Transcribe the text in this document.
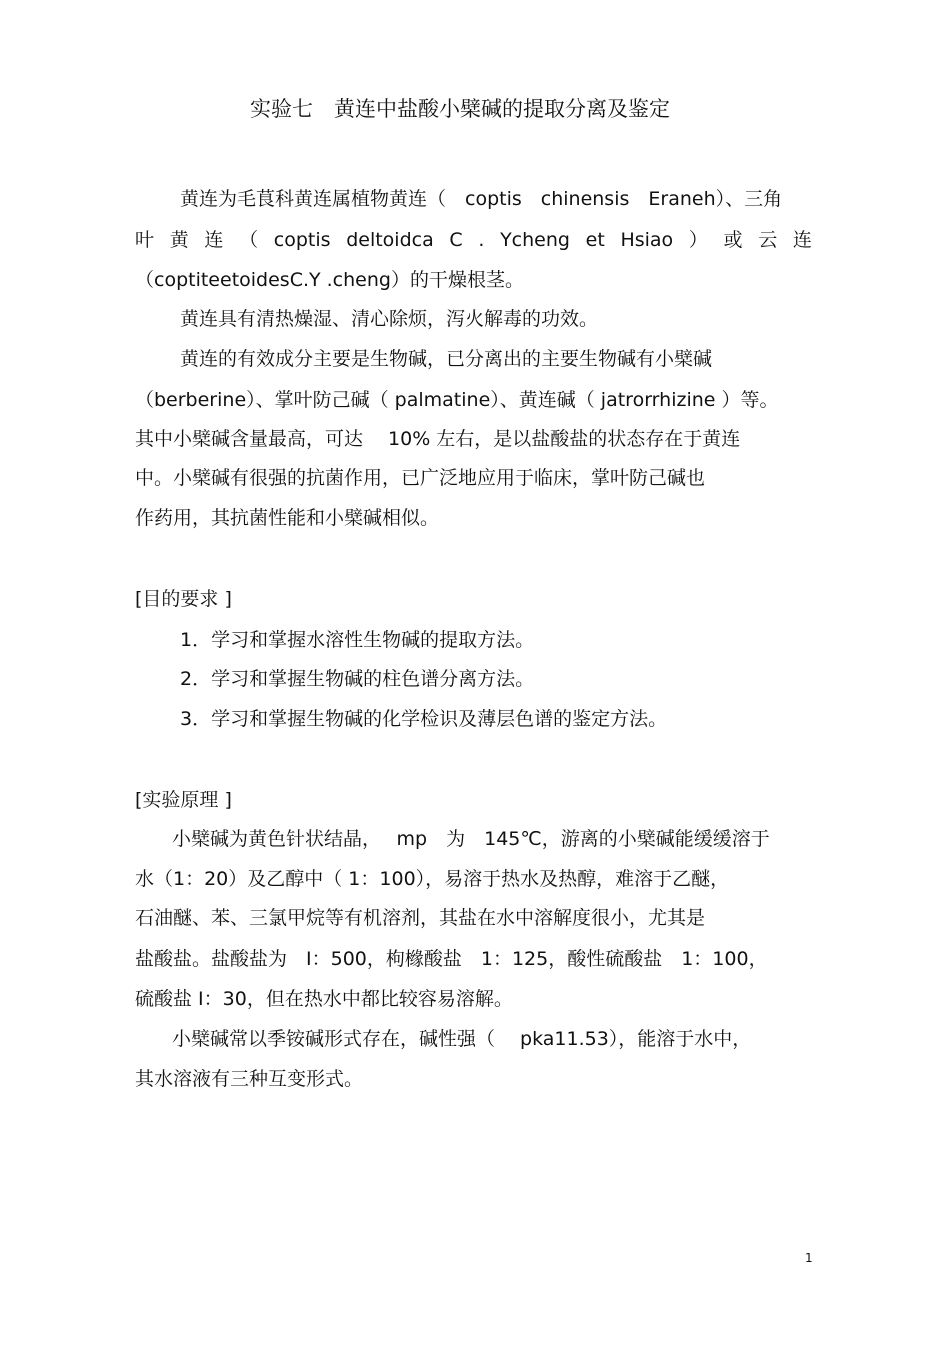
实验七　黄连中盐酸小檗碱的提取分离及鉴定
黄连为毛茛科黄连属植物黄连（　coptis　chinensis　Eraneh）、三角
叶 黄 连 （ coptis deltoidca C . Ycheng et Hsiao ） 或 云 连
（coptiteetoidesC.Y .cheng）的干燥根茎。
黄连具有清热燥湿、清心除烦，泻火解毒的功效。
黄连的有效成分主要是生物碱，已分离出的主要生物碱有小檗碱
（berberine）、掌叶防己碱（ palmatine）、黄连碱（ jatrorrhizine ）等。
其中小檗碱含量最高，可达　 10% 左右，是以盐酸盐的状态存在于黄连
中。小檗碱有很强的抗菌作用，已广泛地应用于临床，掌叶防己碱也
作药用，其抗菌性能和小檗碱相似。
[目的要求 ]
1．学习和掌握水溶性生物碱的提取方法。
2．学习和掌握生物碱的柱色谱分离方法。
3．学习和掌握生物碱的化学检识及薄层色谱的鉴定方法。
[实验原理 ]
小檗碱为黄色针状结晶，　 mp　为　145℃，游离的小檗碱能缓缓溶于
水（1：20）及乙醇中（ 1：100），易溶于热水及热醇，难溶于乙醚，
石油醚、苯、三氯甲烷等有机溶剂，其盐在水中溶解度很小，尤其是
盐酸盐。盐酸盐为　I：500，枸橼酸盐　1：125，酸性硫酸盐　1：100，
硫酸盐 I：30，但在热水中都比较容易溶解。
小檗碱常以季铵碱形式存在，碱性强（　 pka11.53），能溶于水中，
其水溶液有三种互变形式。
1
